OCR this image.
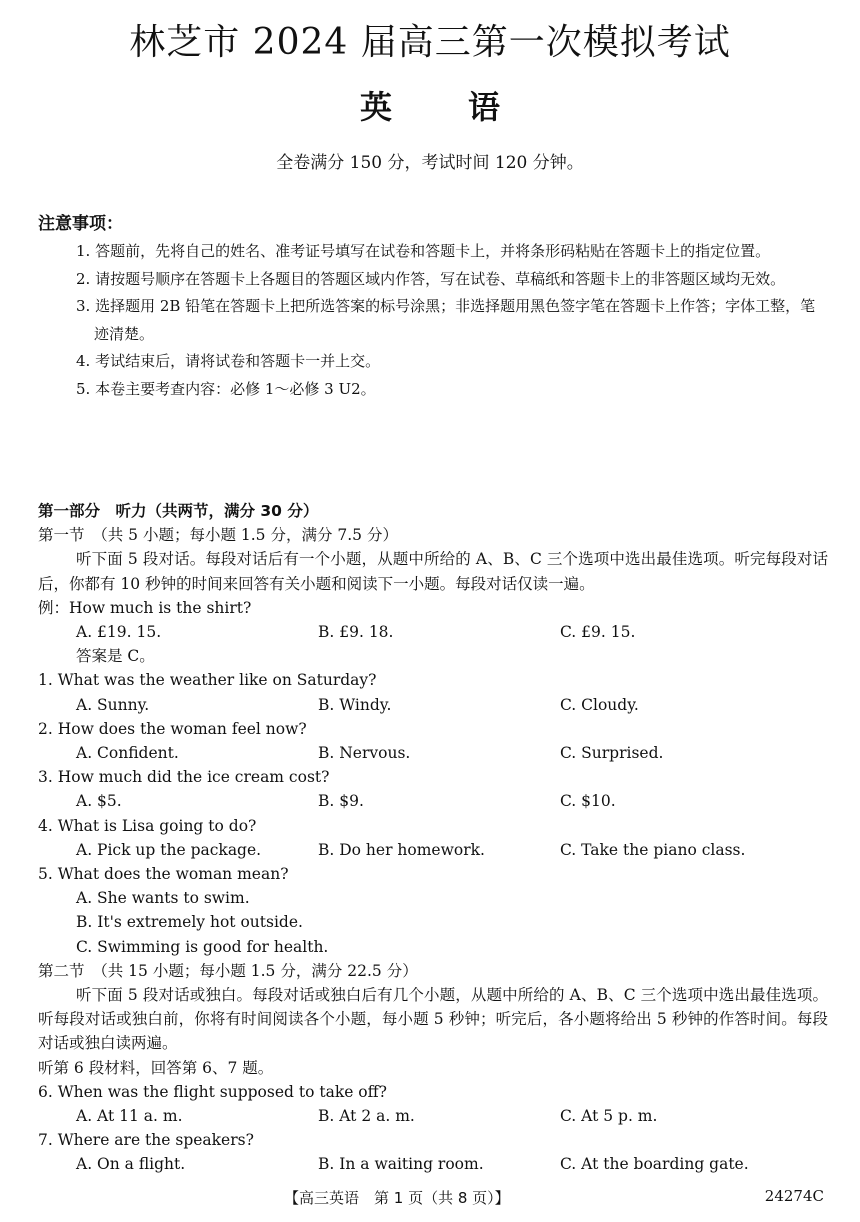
林芝市 2024 届高三第一次模拟考试
英 语
全卷满分 150 分，考试时间 120 分钟。
注意事项：

1. 答题前，先将自己的姓名、准考证号填写在试卷和答题卡上，并将条形码粘贴在答题卡上的指定位置。

2. 请按题号顺序在答题卡上各题目的答题区域内作答，写在试卷、草稿纸和答题卡上的非答题区域均无效。

3. 选择题用 2B 铅笔在答题卡上把所选答案的标号涂黑；非选择题用黑色签字笔在答题卡上作答；字体工整，笔迹清楚。

4. 考试结束后，请将试卷和答题卡一并上交。

5. 本卷主要考查内容：必修 1～必修 3 U2。

第一部分　听力（共两节，满分 30 分）

第一节　（共 5 小题；每小题 1.5 分，满分 7.5 分）

听下面 5 段对话。每段对话后有一个小题，从题中所给的 A、B、C 三个选项中选出最佳选项。听完每段对话后，你都有 10 秒钟的时间来回答有关小题和阅读下一小题。每段对话仅读一遍。

例：How much is the shirt?

A. £19. 15.	B. £9. 18.	C. £9. 15.

答案是 C。

1. What was the weather like on Saturday?

A. Sunny.	B. Windy.	C. Cloudy.

2. How does the woman feel now?

A. Confident.	B. Nervous.	C. Surprised.

3. How much did the ice cream cost?

A. $5.	B. $9.	C. $10.

4. What is Lisa going to do?

A. Pick up the package.	B. Do her homework.	C. Take the piano class.

5. What does the woman mean?

A. She wants to swim.

B. It's extremely hot outside.

C. Swimming is good for health.

第二节　（共 15 小题；每小题 1.5 分，满分 22.5 分）

听下面 5 段对话或独白。每段对话或独白后有几个小题，从题中所给的 A、B、C 三个选项中选出最佳选项。听每段对话或独白前，你将有时间阅读各个小题，每小题 5 秒钟；听完后，各小题将给出 5 秒钟的作答时间。每段对话或独白读两遍。

听第 6 段材料，回答第 6、7 题。

6. When was the flight supposed to take off?

A. At 11 a. m.	B. At 2 a. m.	C. At 5 p. m.

7. Where are the speakers?

A. On a flight.	B. In a waiting room.	C. At the boarding gate.
【高三英语　第 1 页（共 8 页）】	24274C
